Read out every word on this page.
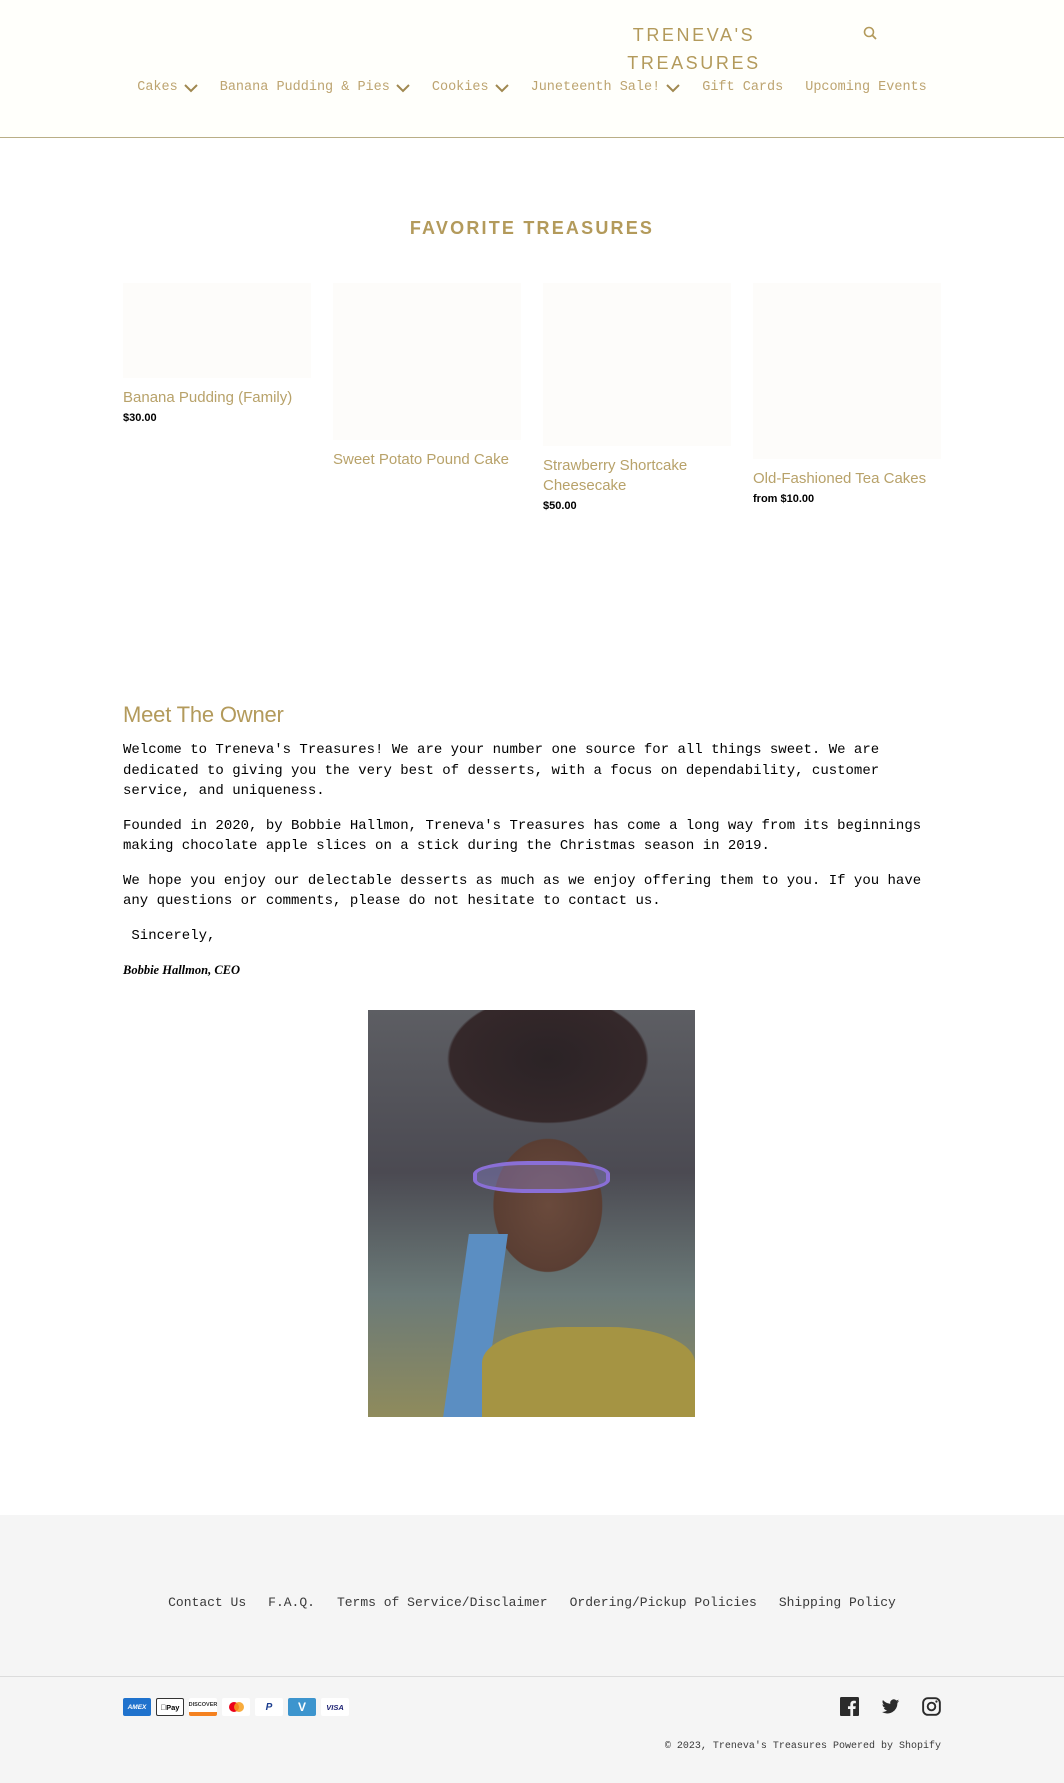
TRENEVA'S
TREASURES
Cakes	Banana Pudding & Pies	Cookies	Juneteenth Sale!	Gift Cards Upcoming Events
FAVORITE TREASURES
Banana Pudding (Family)
$30.00
Sweet Potato Pound Cake	Strawberry Shortcake Cheesecake
$50.00
Old-Fashioned Tea Cakes
from $10.00
Meet The Owner

Welcome to Treneva's Treasures! We are your number one source for all things sweet. We are dedicated to giving you the very best of desserts, with a focus on dependability, customer service, and uniqueness.

Founded in 2020, by Bobbie Hallmon, Treneva's Treasures has come a long way from its beginnings making chocolate apple slices on a stick during the Christmas season in 2019.

We hope you enjoy our delectable desserts as much as we enjoy offering them to you. If you have any questions or comments, please do not hesitate to contact us.

Sincerely,

Bobbie Hallmon, CEO

Contact Us F.A.Q. Terms of Service/Disclaimer Ordering/Pickup Policies Shipping Policy
AMEX	Pay	DISCOVER	P	V	VISA
© 2023, Treneva's Treasures Powered by Shopify
